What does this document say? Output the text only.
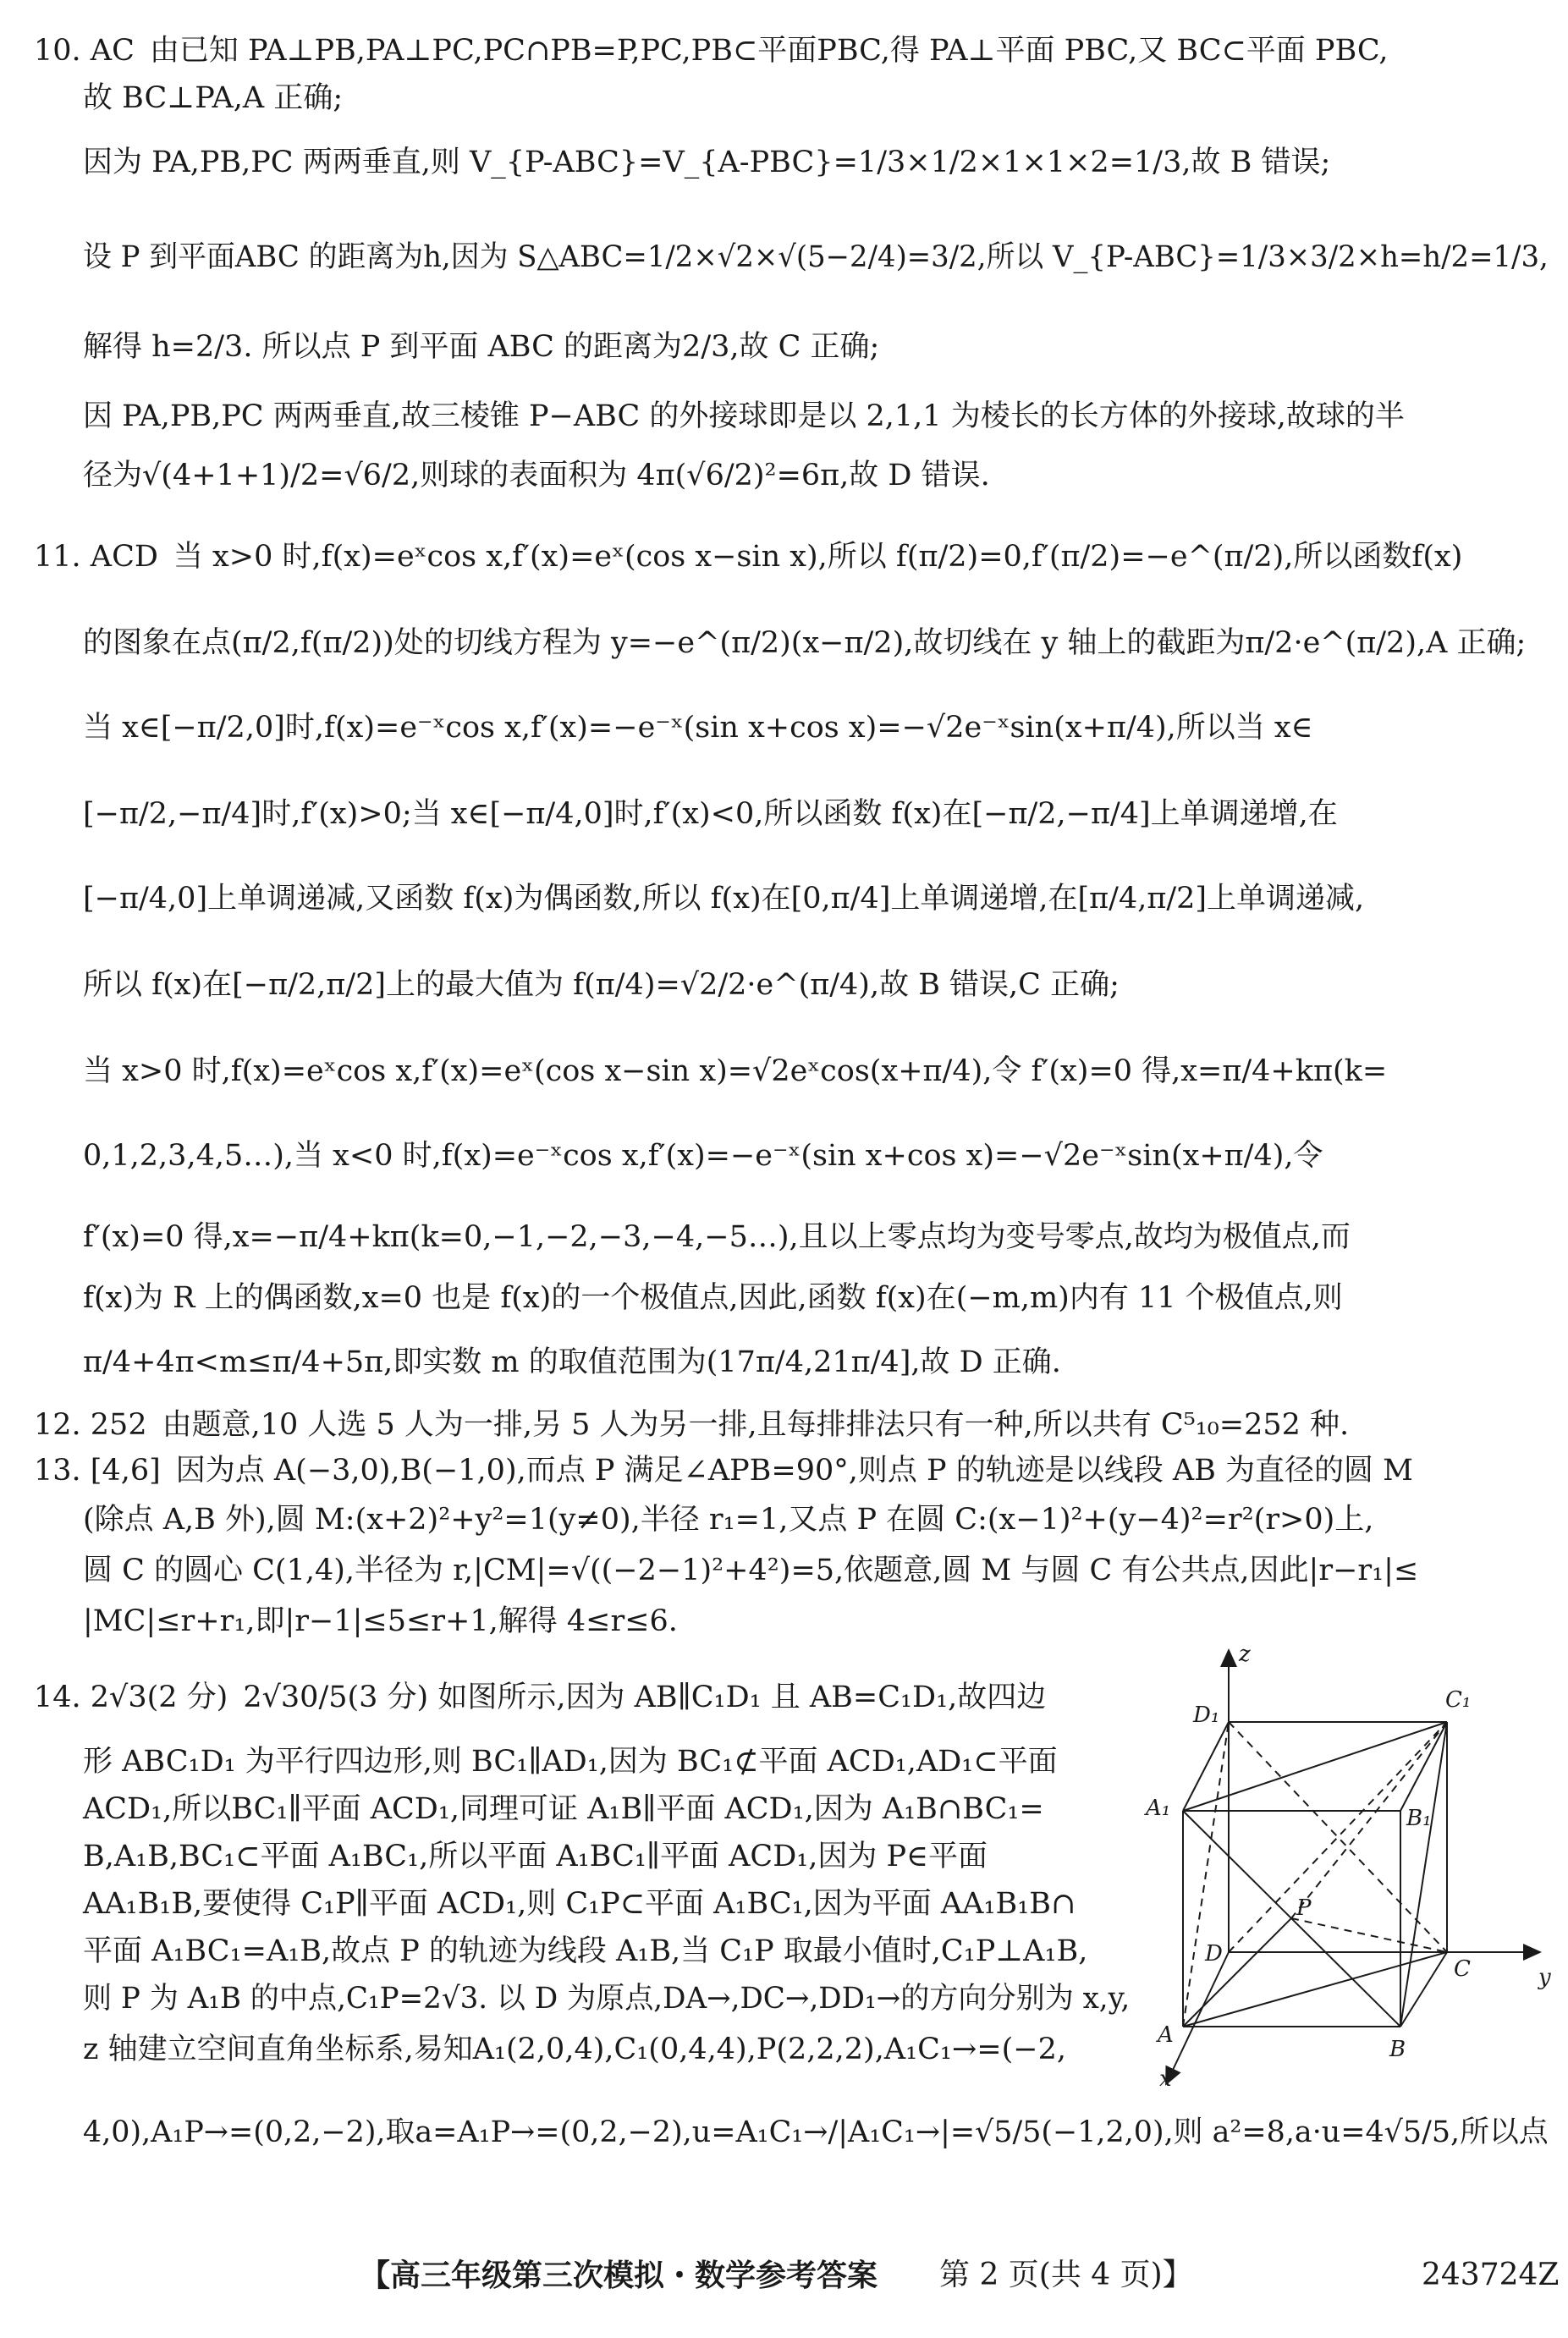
10. AC 由已知 PA⊥PB,PA⊥PC,PC∩PB=P,PC,PB⊂平面PBC,得 PA⊥平面 PBC,又 BC⊂平面 PBC,
故 BC⊥PA,A 正确;
因为 PA,PB,PC 两两垂直,则 V_{P-ABC}=V_{A-PBC}=1/3×1/2×1×1×2=1/3,故 B 错误;
设 P 到平面ABC 的距离为h,因为 S△ABC=1/2×√2×√(5−2/4)=3/2,所以 V_{P-ABC}=1/3×3/2×h=h/2=1/3,
解得 h=2/3. 所以点 P 到平面 ABC 的距离为2/3,故 C 正确;
因 PA,PB,PC 两两垂直,故三棱锥 P−ABC 的外接球即是以 2,1,1 为棱长的长方体的外接球,故球的半
径为√(4+1+1)/2=√6/2,则球的表面积为 4π(√6/2)²=6π,故 D 错误.
11. ACD 当 x>0 时,f(x)=eˣcos x,f′(x)=eˣ(cos x−sin x),所以 f(π/2)=0,f′(π/2)=−e^(π/2),所以函数f(x)
的图象在点(π/2,f(π/2))处的切线方程为 y=−e^(π/2)(x−π/2),故切线在 y 轴上的截距为π/2·e^(π/2),A 正确;
当 x∈[−π/2,0]时,f(x)=e⁻ˣcos x,f′(x)=−e⁻ˣ(sin x+cos x)=−√2e⁻ˣsin(x+π/4),所以当 x∈
[−π/2,−π/4]时,f′(x)>0;当 x∈[−π/4,0]时,f′(x)<0,所以函数 f(x)在[−π/2,−π/4]上单调递增,在
[−π/4,0]上单调递减,又函数 f(x)为偶函数,所以 f(x)在[0,π/4]上单调递增,在[π/4,π/2]上单调递减,
所以 f(x)在[−π/2,π/2]上的最大值为 f(π/4)=√2/2·e^(π/4),故 B 错误,C 正确;
当 x>0 时,f(x)=eˣcos x,f′(x)=eˣ(cos x−sin x)=√2eˣcos(x+π/4),令 f′(x)=0 得,x=π/4+kπ(k=
0,1,2,3,4,5…),当 x<0 时,f(x)=e⁻ˣcos x,f′(x)=−e⁻ˣ(sin x+cos x)=−√2e⁻ˣsin(x+π/4),令
f′(x)=0 得,x=−π/4+kπ(k=0,−1,−2,−3,−4,−5…),且以上零点均为变号零点,故均为极值点,而
f(x)为 R 上的偶函数,x=0 也是 f(x)的一个极值点,因此,函数 f(x)在(−m,m)内有 11 个极值点,则
π/4+4π<m≤π/4+5π,即实数 m 的取值范围为(17π/4,21π/4],故 D 正确.
12. 252 由题意,10 人选 5 人为一排,另 5 人为另一排,且每排排法只有一种,所以共有 C⁵₁₀=252 种.
13. [4,6] 因为点 A(−3,0),B(−1,0),而点 P 满足∠APB=90°,则点 P 的轨迹是以线段 AB 为直径的圆 M
(除点 A,B 外),圆 M:(x+2)²+y²=1(y≠0),半径 r₁=1,又点 P 在圆 C:(x−1)²+(y−4)²=r²(r>0)上,
圆 C 的圆心 C(1,4),半径为 r,|CM|=√((−2−1)²+4²)=5,依题意,圆 M 与圆 C 有公共点,因此|r−r₁|≤
|MC|≤r+r₁,即|r−1|≤5≤r+1,解得 4≤r≤6.
14. 2√3(2 分) 2√30/5(3 分) 如图所示,因为 AB∥C₁D₁ 且 AB=C₁D₁,故四边
形 ABC₁D₁ 为平行四边形,则 BC₁∥AD₁,因为 BC₁⊄平面 ACD₁,AD₁⊂平面
ACD₁,所以BC₁∥平面 ACD₁,同理可证 A₁B∥平面 ACD₁,因为 A₁B∩BC₁=
B,A₁B,BC₁⊂平面 A₁BC₁,所以平面 A₁BC₁∥平面 ACD₁,因为 P∈平面
AA₁B₁B,要使得 C₁P∥平面 ACD₁,则 C₁P⊂平面 A₁BC₁,因为平面 AA₁B₁B∩
平面 A₁BC₁=A₁B,故点 P 的轨迹为线段 A₁B,当 C₁P 取最小值时,C₁P⊥A₁B,
则 P 为 A₁B 的中点,C₁P=2√3. 以 D 为原点,DA→,DC→,DD₁→的方向分别为 x,y,
z 轴建立空间直角坐标系,易知A₁(2,0,4),C₁(0,4,4),P(2,2,2),A₁C₁→=(−2,
4,0),A₁P→=(0,2,−2),取a=A₁P→=(0,2,−2),u=A₁C₁→/|A₁C₁→|=√5/5(−1,2,0),则 a²=8,a·u=4√5/5,所以点
z
y
x
D₁
C₁
A₁	B₁
D
C
A
B
P
【高三年级第三次模拟・数学参考答案 第 2 页(共 4 页)】	243724Z
